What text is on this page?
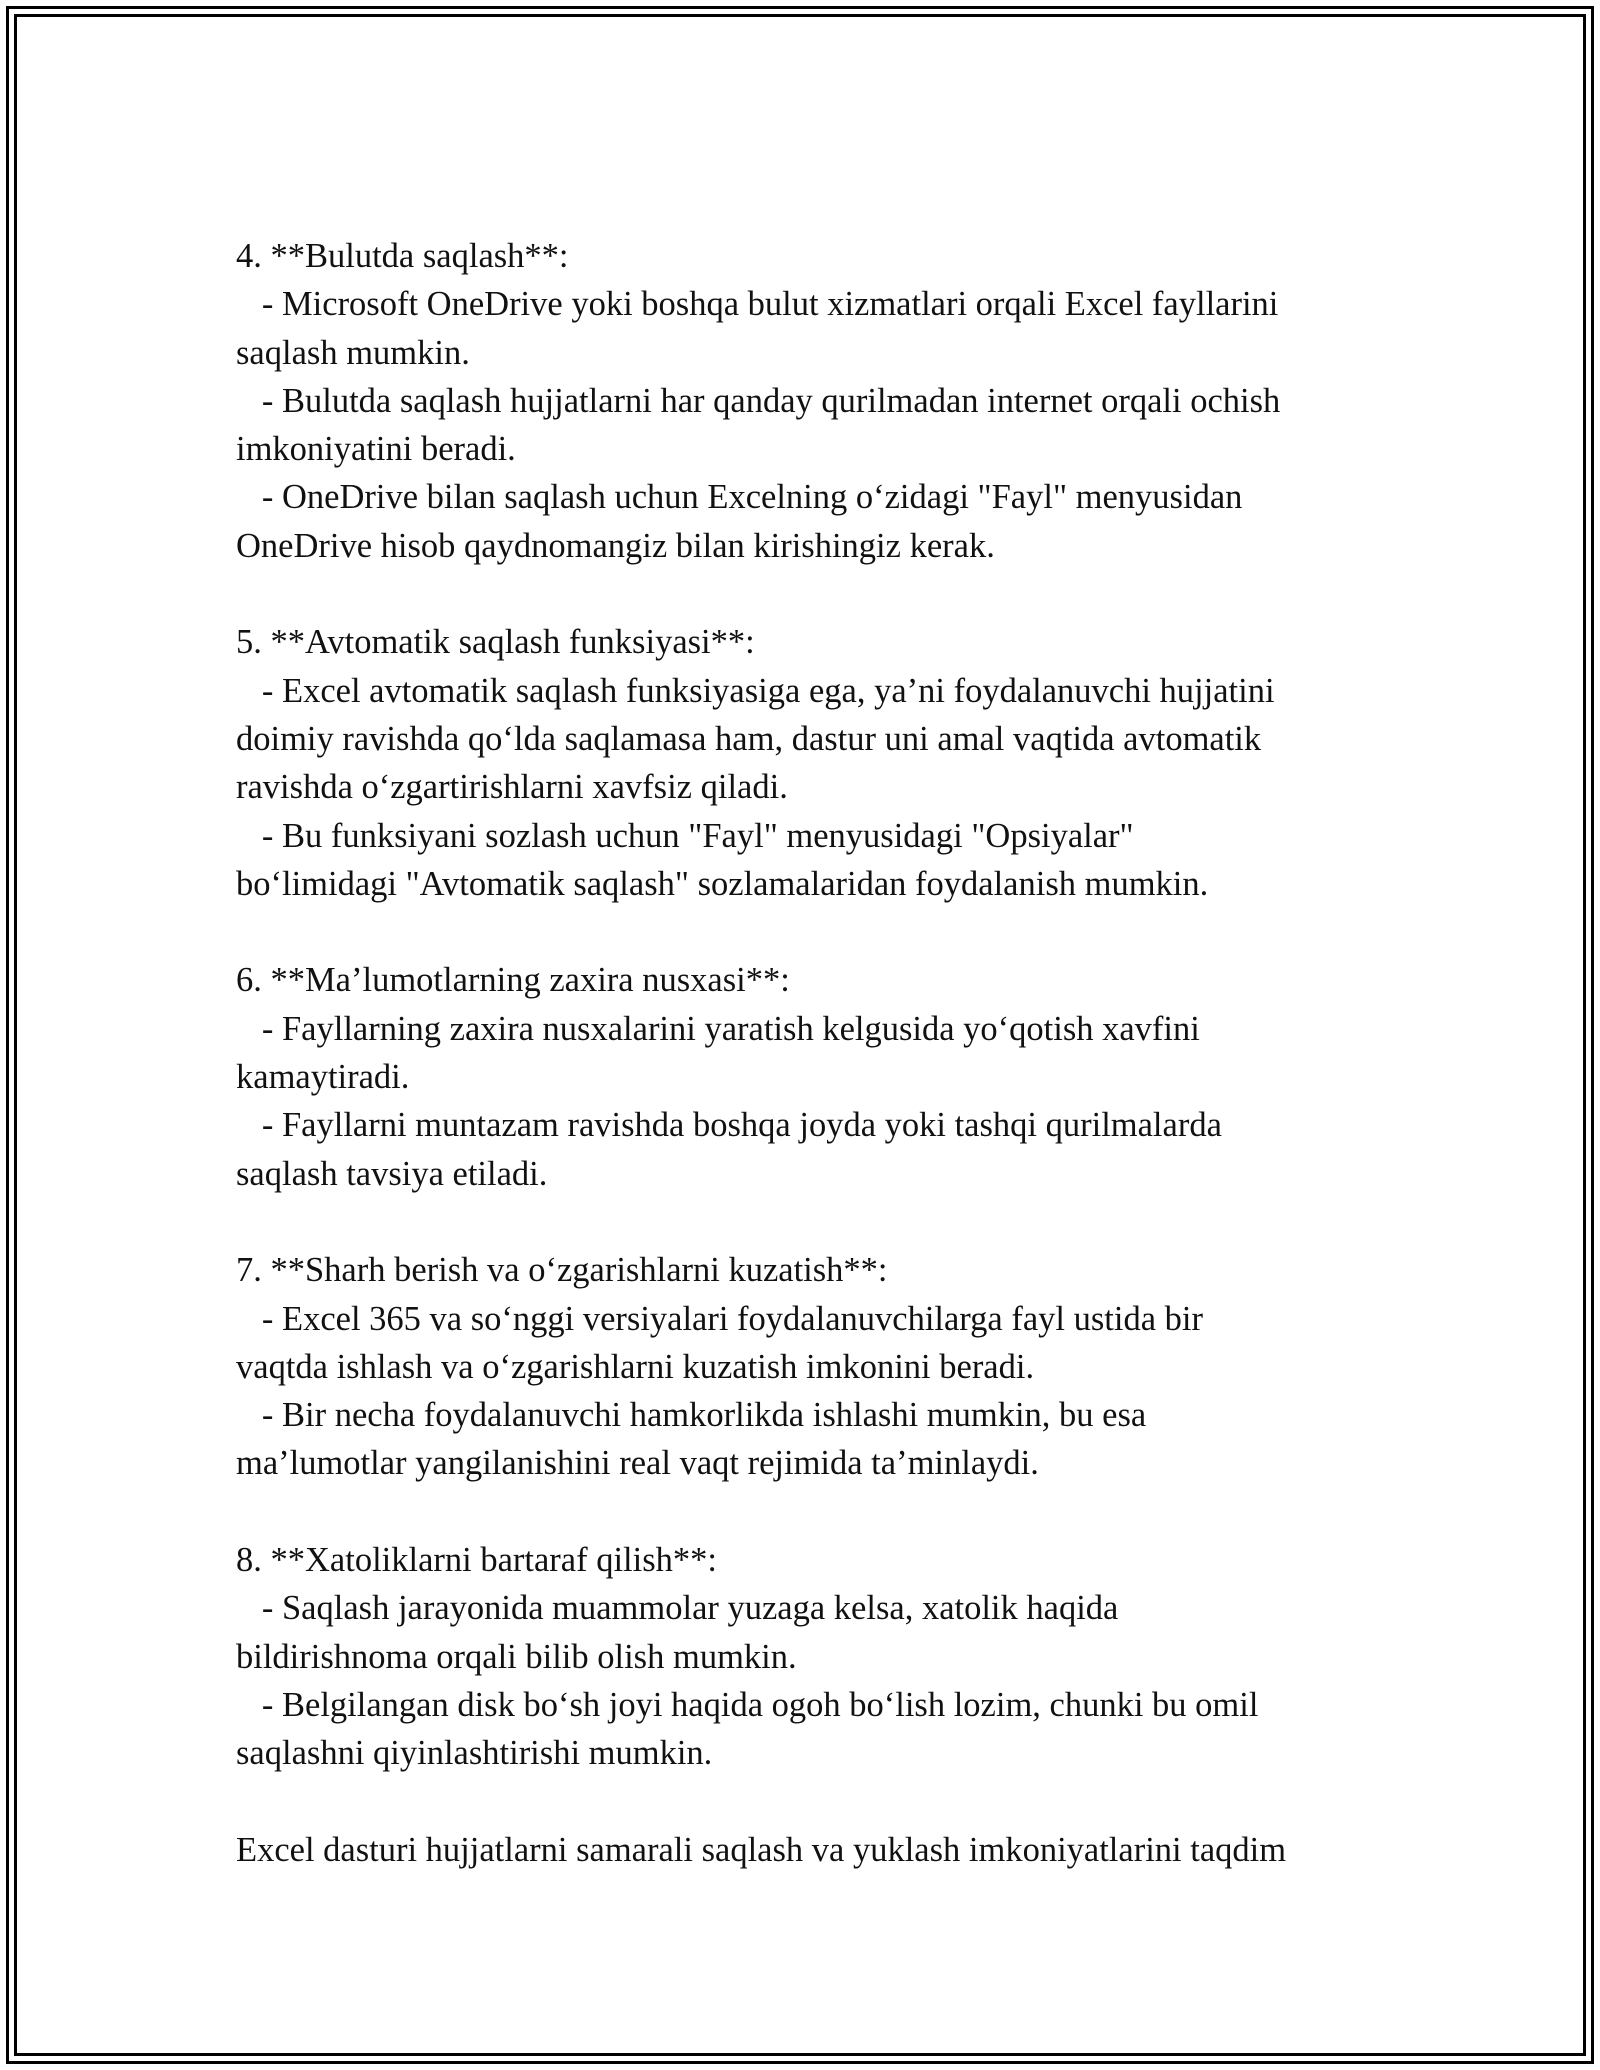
4. **Bulutda saqlash**:
- Microsoft OneDrive yoki boshqa bulut xizmatlari orqali Excel fayllarini
saqlash mumkin.
- Bulutda saqlash hujjatlarni har qanday qurilmadan internet orqali ochish
imkoniyatini beradi.
- OneDrive bilan saqlash uchun Excelning o‘zidagi "Fayl" menyusidan
OneDrive hisob qaydnomangiz bilan kirishingiz kerak.
5. **Avtomatik saqlash funksiyasi**:
- Excel avtomatik saqlash funksiyasiga ega, ya’ni foydalanuvchi hujjatini
doimiy ravishda qo‘lda saqlamasa ham, dastur uni amal vaqtida avtomatik
ravishda o‘zgartirishlarni xavfsiz qiladi.
- Bu funksiyani sozlash uchun "Fayl" menyusidagi "Opsiyalar"
bo‘limidagi "Avtomatik saqlash" sozlamalaridan foydalanish mumkin.
6. **Ma’lumotlarning zaxira nusxasi**:
- Fayllarning zaxira nusxalarini yaratish kelgusida yo‘qotish xavfini
kamaytiradi.
- Fayllarni muntazam ravishda boshqa joyda yoki tashqi qurilmalarda
saqlash tavsiya etiladi.
7. **Sharh berish va o‘zgarishlarni kuzatish**:
- Excel 365 va so‘nggi versiyalari foydalanuvchilarga fayl ustida bir
vaqtda ishlash va o‘zgarishlarni kuzatish imkonini beradi.
- Bir necha foydalanuvchi hamkorlikda ishlashi mumkin, bu esa
ma’lumotlar yangilanishini real vaqt rejimida ta’minlaydi.
8. **Xatoliklarni bartaraf qilish**:
- Saqlash jarayonida muammolar yuzaga kelsa, xatolik haqida
bildirishnoma orqali bilib olish mumkin.
- Belgilangan disk bo‘sh joyi haqida ogoh bo‘lish lozim, chunki bu omil
saqlashni qiyinlashtirishi mumkin.
Excel dasturi hujjatlarni samarali saqlash va yuklash imkoniyatlarini taqdim
